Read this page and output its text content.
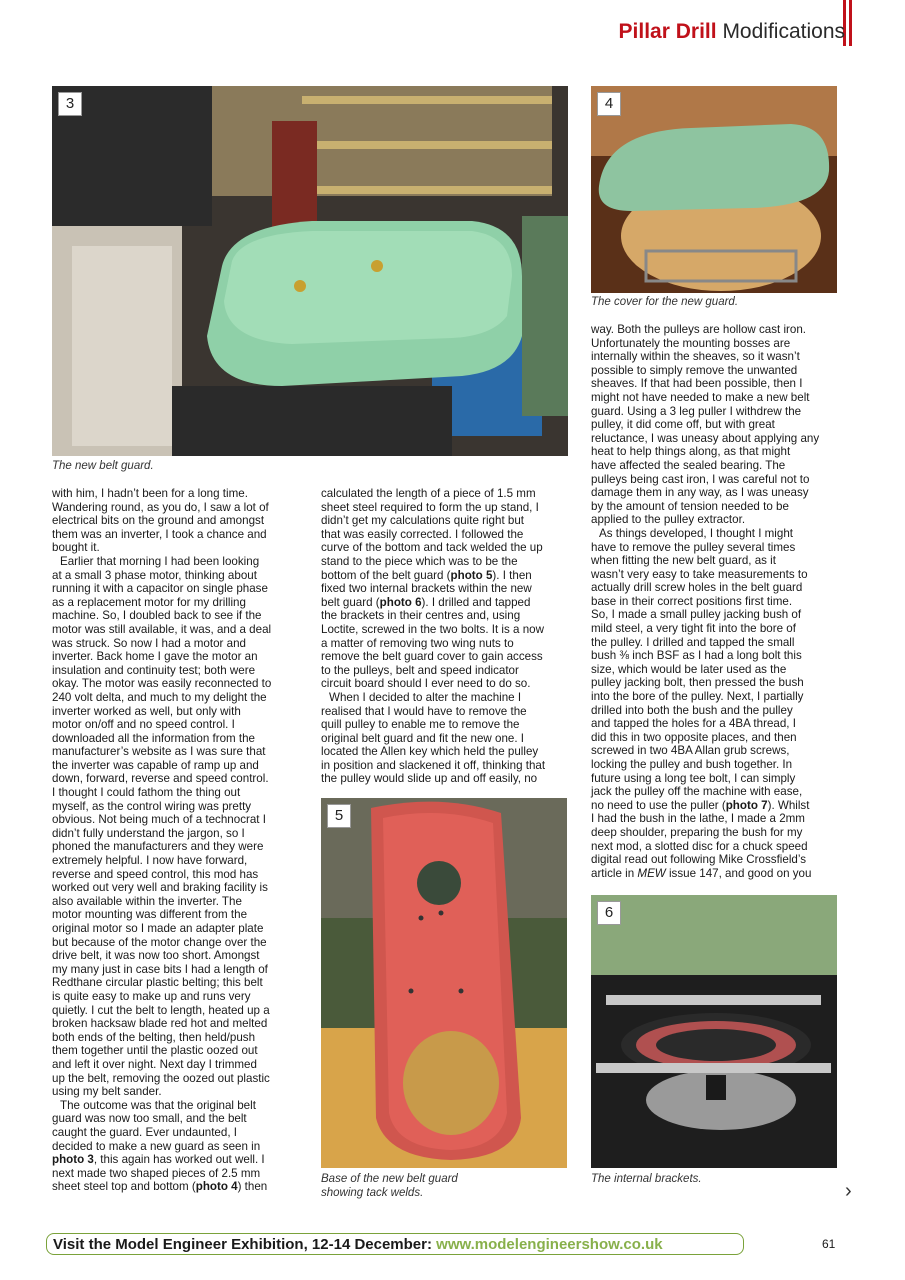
Pillar Drill Modifications
3
The new belt guard.
4
The cover for the new guard.
5
Base of the new belt guard
showing tack welds.
6
The internal brackets.
with him, I hadn’t been for a long time.
Wandering round, as you do, I saw a lot of
electrical bits on the ground and amongst
them was an inverter, I took a chance and
bought it.
Earlier that morning I had been looking
at a small 3 phase motor, thinking about
running it with a capacitor on single phase
as a replacement motor for my drilling
machine. So, I doubled back to see if the
motor was still available, it was, and a deal
was struck. So now I had a motor and
inverter. Back home I gave the motor an
insulation and continuity test; both were
okay. The motor was easily reconnected to
240 volt delta, and much to my delight the
inverter worked as well, but only with
motor on/off and no speed control. I
downloaded all the information from the
manufacturer’s website as I was sure that
the inverter was capable of ramp up and
down, forward, reverse and speed control.
I thought I could fathom the thing out
myself, as the control wiring was pretty
obvious. Not being much of a technocrat I
didn’t fully understand the jargon, so I
phoned the manufacturers and they were
extremely helpful. I now have forward,
reverse and speed control, this mod has
worked out very well and braking facility is
also available within the inverter. The
motor mounting was different from the
original motor so I made an adapter plate
but because of the motor change over the
drive belt, it was now too short. Amongst
my many just in case bits I had a length of
Redthane circular plastic belting; this belt
is quite easy to make up and runs very
quietly. I cut the belt to length, heated up a
broken hacksaw blade red hot and melted
both ends of the belting, then held/push
them together until the plastic oozed out
and left it over night. Next day I trimmed
up the belt, removing the oozed out plastic
using my belt sander.
The outcome was that the original belt
guard was now too small, and the belt
caught the guard. Ever undaunted, I
decided to make a new guard as seen in
photo 3, this again has worked out well. I
next made two shaped pieces of 2.5 mm
sheet steel top and bottom (photo 4) then
calculated the length of a piece of 1.5 mm
sheet steel required to form the up stand, I
didn’t get my calculations quite right but
that was easily corrected. I followed the
curve of the bottom and tack welded the up
stand to the piece which was to be the
bottom of the belt guard (photo 5). I then
fixed two internal brackets within the new
belt guard (photo 6). I drilled and tapped
the brackets in their centres and, using
Loctite, screwed in the two bolts. It is a now
a matter of removing two wing nuts to
remove the belt guard cover to gain access
to the pulleys, belt and speed indicator
circuit board should I ever need to do so.
When I decided to alter the machine I
realised that I would have to remove the
quill pulley to enable me to remove the
original belt guard and fit the new one. I
located the Allen key which held the pulley
in position and slackened it off, thinking that
the pulley would slide up and off easily, no
way. Both the pulleys are hollow cast iron.
Unfortunately the mounting bosses are
internally within the sheaves, so it wasn’t
possible to simply remove the unwanted
sheaves. If that had been possible, then I
might not have needed to make a new belt
guard. Using a 3 leg puller I withdrew the
pulley, it did come off, but with great
reluctance, I was uneasy about applying any
heat to help things along, as that might
have affected the sealed bearing. The
pulleys being cast iron, I was careful not to
damage them in any way, as I was uneasy
by the amount of tension needed to be
applied to the pulley extractor.
As things developed, I thought I might
have to remove the pulley several times
when fitting the new belt guard, as it
wasn’t very easy to take measurements to
actually drill screw holes in the belt guard
base in their correct positions first time.
So, I made a small pulley jacking bush of
mild steel, a very tight fit into the bore of
the pulley. I drilled and tapped the small
bush ⅜ inch BSF as I had a long bolt this
size, which would be later used as the
pulley jacking bolt, then pressed the bush
into the bore of the pulley. Next, I partially
drilled into both the bush and the pulley
and tapped the holes for a 4BA thread, I
did this in two opposite places, and then
screwed in two 4BA Allan grub screws,
locking the pulley and bush together. In
future using a long tee bolt, I can simply
jack the pulley off the machine with ease,
no need to use the puller (photo 7). Whilst
I had the bush in the lathe, I made a 2mm
deep shoulder, preparing the bush for my
next mod, a slotted disc for a chuck speed
digital read out following Mike Crossfield’s
article in MEW issue 147, and good on you
›
Visit the Model Engineer Exhibition, 12-14 December: www.modelengineershow.co.uk	61
